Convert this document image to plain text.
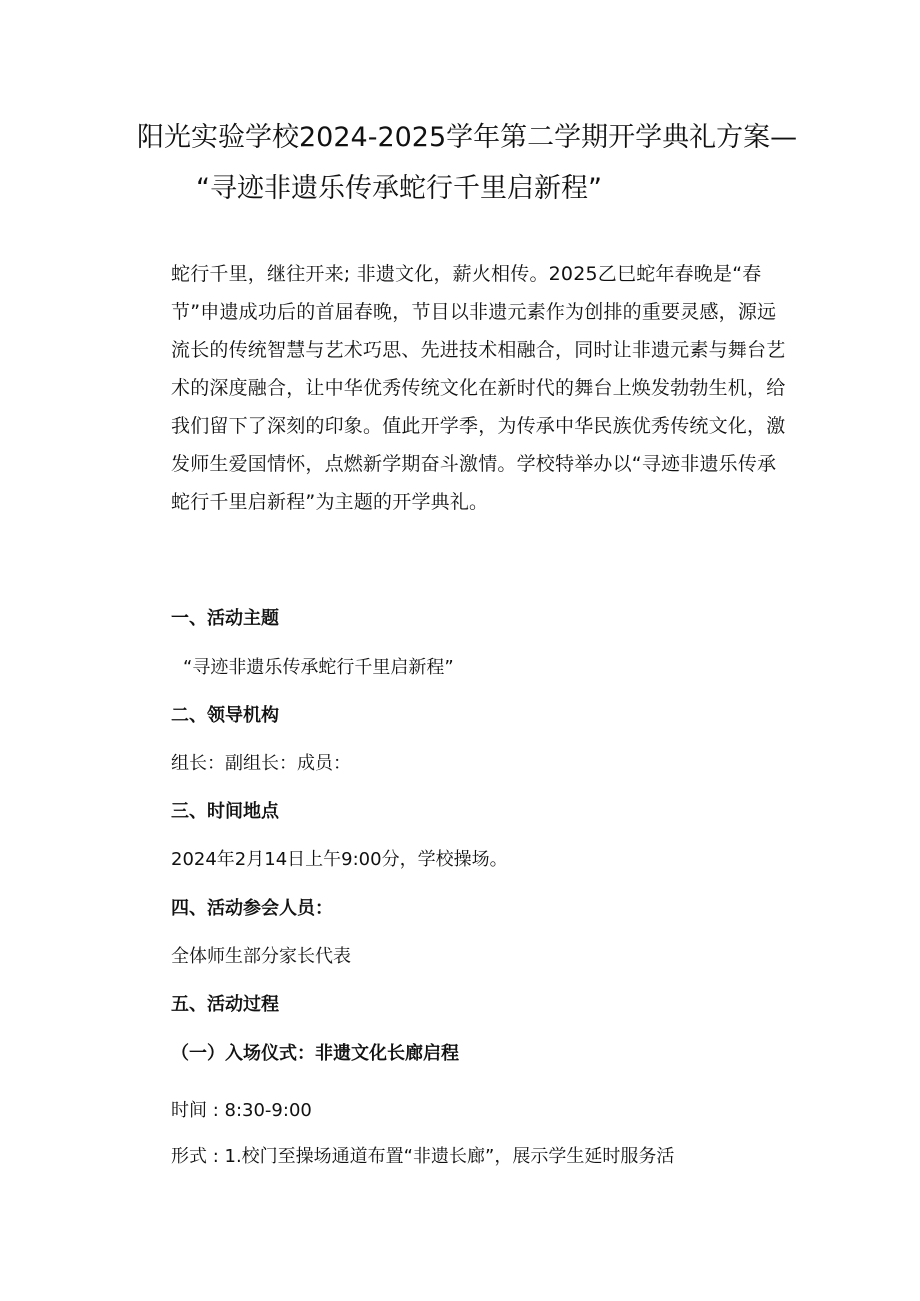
阳光实验学校2024-2025学年第二学期开学典礼方案—
“寻迹非遗乐传承蛇行千里启新程”
蛇行千里，继往开来; 非遗文化，薪火相传。2025乙巳蛇年春晚是“春
节”申遗成功后的首届春晚，节目以非遗元素作为创排的重要灵感，源远
流长的传统智慧与艺术巧思、先进技术相融合，同时让非遗元素与舞台艺
术的深度融合，让中华优秀传统文化在新时代的舞台上焕发勃勃生机，给
我们留下了深刻的印象。值此开学季，为传承中华民族优秀传统文化，激
发师生爱国情怀，点燃新学期奋斗激情。学校特举办以“寻迹非遗乐传承
蛇行千里启新程”为主题的开学典礼。
一、活动主题
“寻迹非遗乐传承蛇行千里启新程”
二、领导机构
组长：副组长：成员：
三、时间地点
2024年2月14日上午9:00分，学校操场。
四、活动参会人员：
全体师生部分家长代表
五、活动过程
（一）入场仪式：非遗文化长廊启程
时间 : 8:30-9:00
形式 : 1.校门至操场通道布置“非遗长廊”，展示学生延时服务活
